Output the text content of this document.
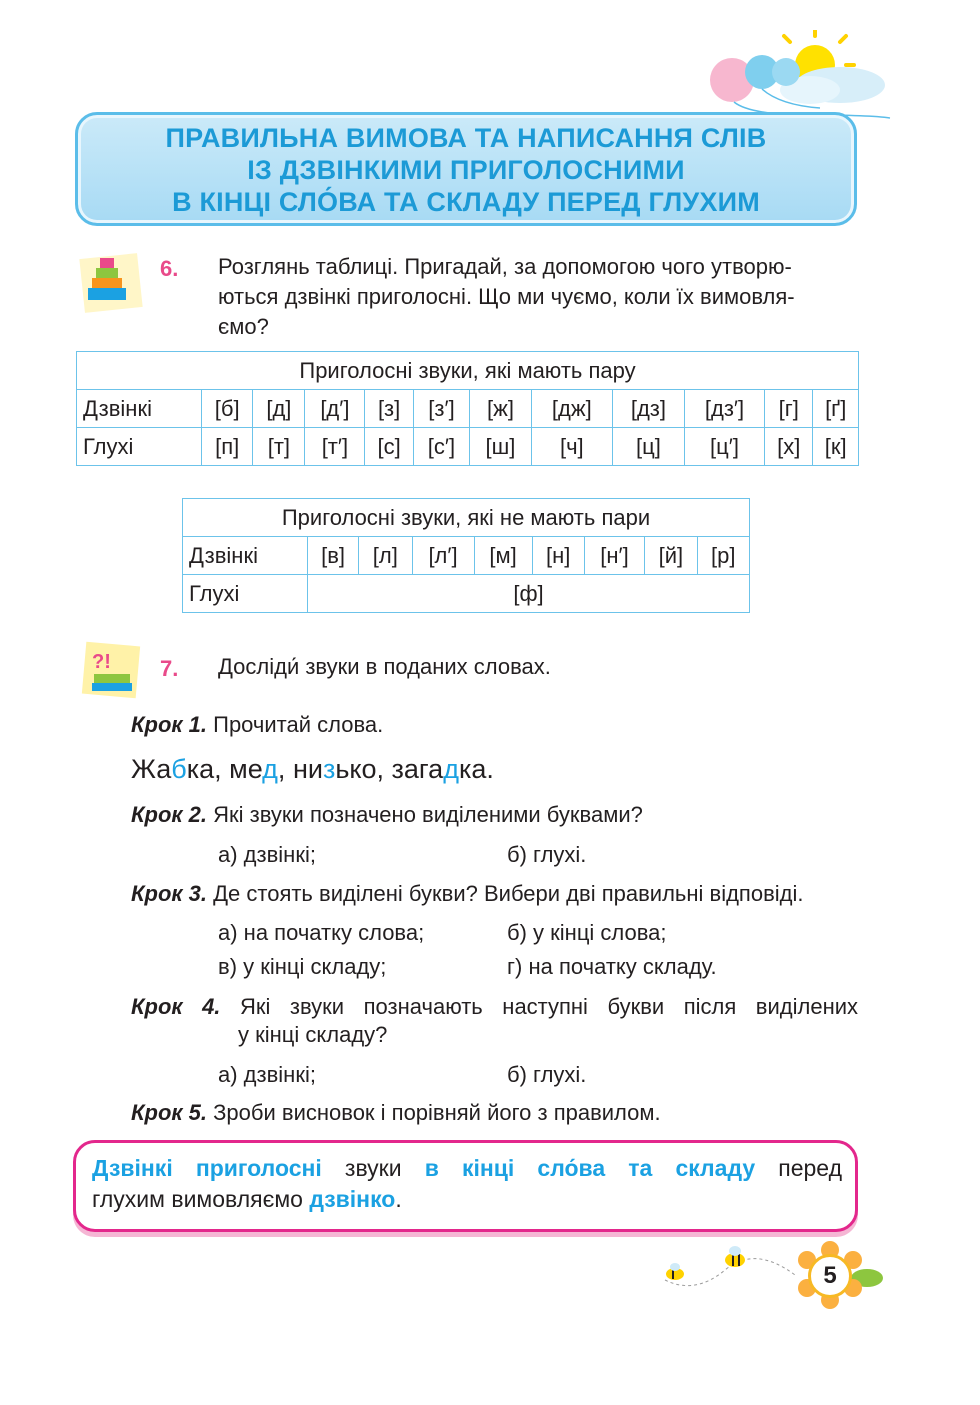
ПРАВИЛЬНА ВИМОВА ТА НАПИСАННЯ СЛІВ
ІЗ ДЗВІНКИМИ ПРИГОЛОСНИМИ
В КІНЦІ СЛО́ВА ТА СКЛАДУ ПЕРЕД ГЛУХИМ
6. Розглянь таблиці. Пригадай, за допомогою чого утворю-
ються дзвінкі приголосні. Що ми чуємо, коли їх вимовля-
ємо?
Приголосні звуки, які мають пару											
Дзвінкі	[б]	[д]	[д′]	[з]	[з′]	[ж]	[дж]	[дз]	[дз′]	[г]	[ґ]
Глухі	[п]	[т]	[т′]	[с]	[с′]	[ш]	[ч]	[ц]	[ц′]	[х]	[к]
Приголосні звуки, які не мають пари								
Дзвінкі	[в]	[л]	[л′]	[м]	[н]	[н′]	[й]	[р]
Глухі	[ф]							
?! 7. Дослiди́ звуки в поданих словах.
Крок 1. Прочитай слова.
Жабка, мед, низько, загадка.
Крок 2. Які звуки позначено виділеними буквами?
а) дзвінкі;	б) глухі.
Крок 3. Де стоять виділені букви? Вибери дві правильні відповіді.
а) на початку слова;	б) у кінці слова;
в) у кінці складу;	г) на початку складу.
Крок 4. Які звуки позначають наступні букви після виділених
у кінці складу?
а) дзвінкі;	б) глухі.
Крок 5. Зроби висновок і порівняй його з правилом.
Дзвінкі приголосні звуки в кінці сло́ва та складу перед
глухим вимовляємо дзвінко.
5
